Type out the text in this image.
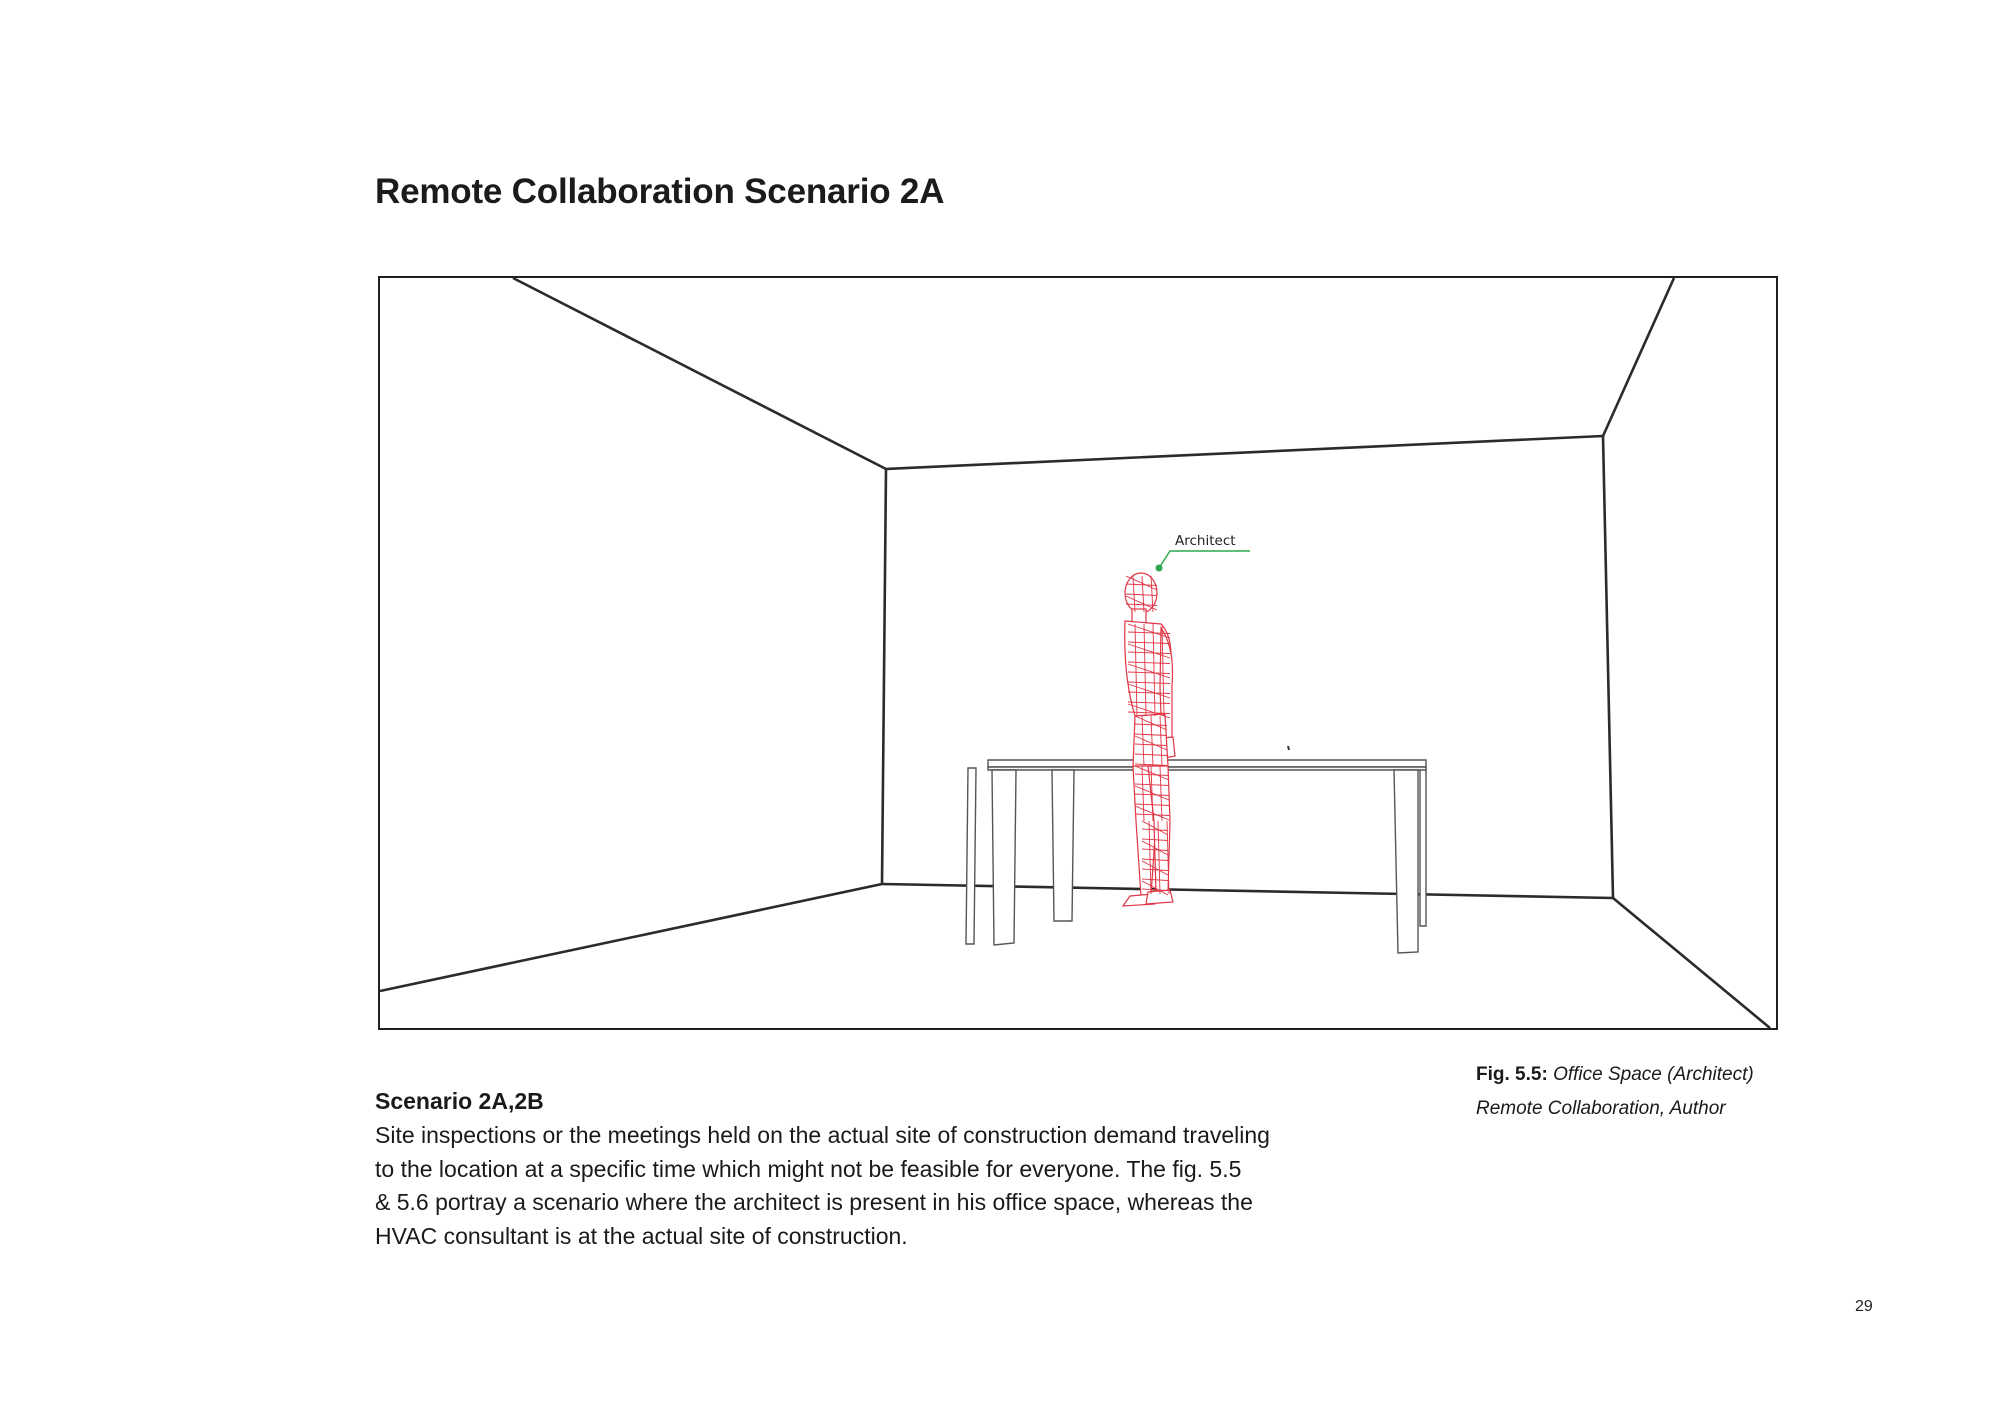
Remote Collaboration Scenario 2A
Architect
Fig. 5.5: Office Space (Architect)
Remote Collaboration, Author
Scenario 2A,2B

Site inspections or the meetings held on the actual site of construction demand traveling
to the location at a specific time which might not be feasible for everyone. The fig. 5.5
& 5.6 portray a scenario where the architect is present in his office space, whereas the
HVAC consultant is at the actual site of construction.

29
